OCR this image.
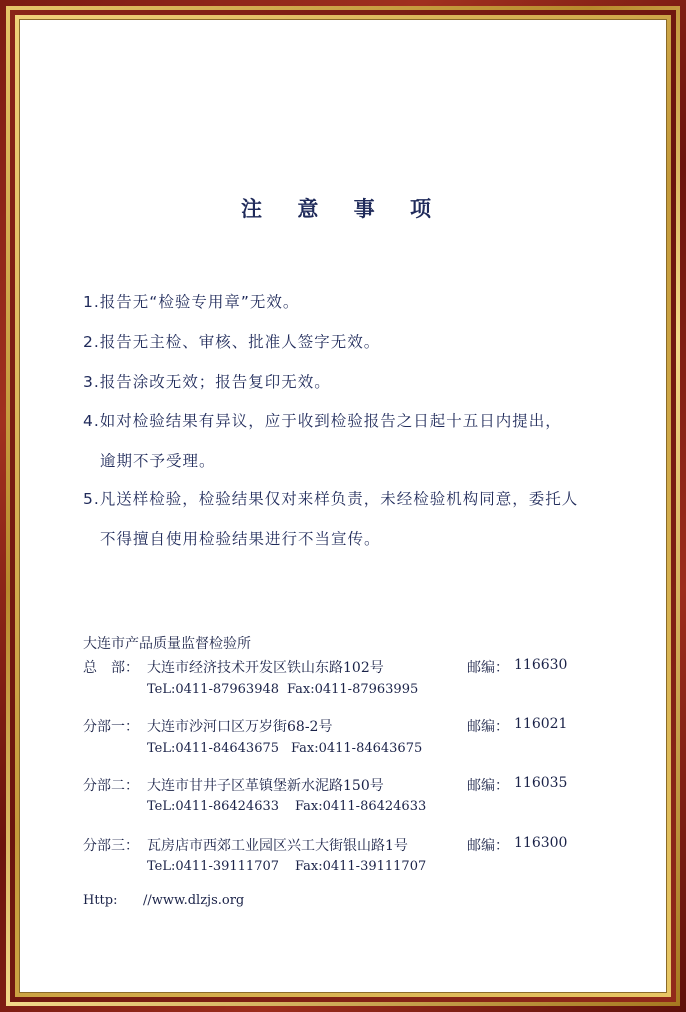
注 意 事 项
1.报告无“检验专用章”无效。
2.报告无主检、审核、批准人签字无效。
3.报告涂改无效；报告复印无效。
4.如对检验结果有异议，应于收到检验报告之日起十五日内提出，
逾期不予受理。
5.凡送样检验，检验结果仅对来样负责，未经检验机构同意，委托人
不得擅自使用检验结果进行不当宣传。
大连市产品质量监督检验所
总　部： 大连市经济技术开发区铁山东路102号	邮编： 116630
TeL:0411-87963948 Fax:0411-87963995
分部一： 大连市沙河口区万岁街68-2号	邮编： 116021
TeL:0411-84643675 Fax:0411-84643675
分部二： 大连市甘井子区革镇堡新水泥路150号	邮编： 116035
TeL:0411-86424633 Fax:0411-86424633
分部三： 瓦房店市西郊工业园区兴工大街银山路1号	邮编： 116300
TeL:0411-39111707 Fax:0411-39111707
Http: //www.dlzjs.org
